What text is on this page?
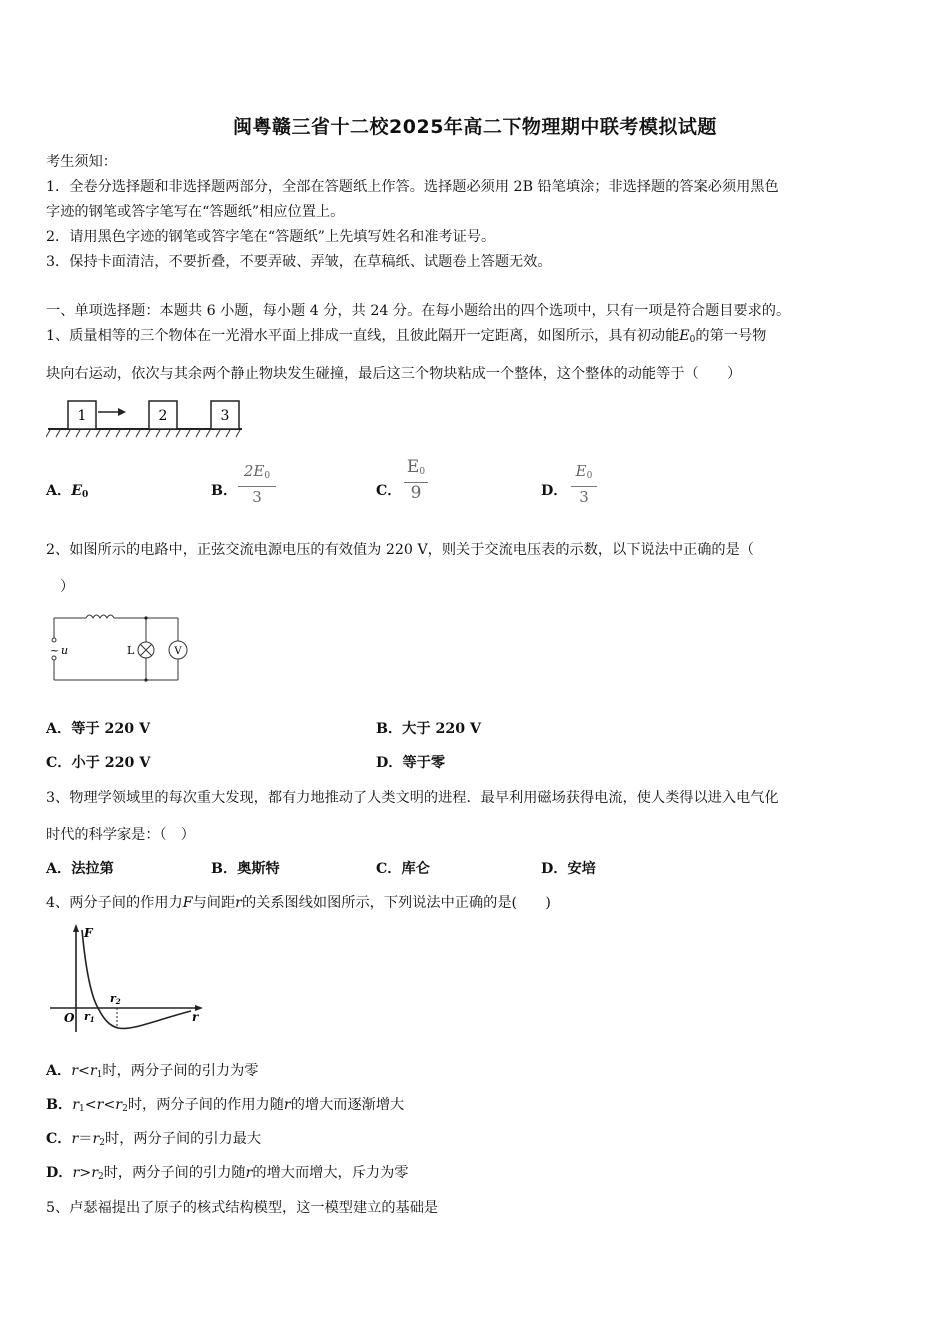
闽粤赣三省十二校2025年高二下物理期中联考模拟试题
考生须知：
1．全卷分选择题和非选择题两部分，全部在答题纸上作答。选择题必须用 2B 铅笔填涂；非选择题的答案必须用黑色
字迹的钢笔或答字笔写在“答题纸”相应位置上。
2．请用黑色字迹的钢笔或答字笔在“答题纸”上先填写姓名和准考证号。
3．保持卡面清洁，不要折叠，不要弄破、弄皱，在草稿纸、试题卷上答题无效。
一、单项选择题：本题共 6 小题，每小题 4 分，共 24 分。在每小题给出的四个选项中，只有一项是符合题目要求的。
1、质量相等的三个物体在一光滑水平面上排成一直线，且彼此隔开一定距离，如图所示，具有初动能$E_0$的第一号物
块向右运动，依次与其余两个静止物块发生碰撞，最后这三个物块粘成一个整体，这个整体的动能等于（　　）
1	2	3
A．$E_0$	B．
$2E_0$
3	C．
$E_0$
9	D．
$E_0$
3
2、如图所示的电路中，正弦交流电源电压的有效值为 220 V，则关于交流电压表的示数，以下说法中正确的是（
）
~ u	L	V
A．等于 220 V	B．大于 220 V
C．小于 220 V	D．等于零
3、物理学领域里的每次重大发现，都有力地推动了人类文明的进程．最早利用磁场获得电流，使人类得以进入电气化
时代的科学家是：（　）
A．法拉第	B．奥斯特	C．库仑	D．安培
4、两分子间的作用力F与间距r的关系图线如图所示，下列说法中正确的是(　　)
F
r
O r1
r2
A．$r<r_1$时，两分子间的引力为零
B．$r_1<r<r_2$时，两分子间的作用力随r的增大而逐渐增大
C．$r=r_2$时，两分子间的引力最大
D．$r>r_2$时，两分子间的引力随r的增大而增大，斥力为零
5、卢瑟福提出了原子的核式结构模型，这一模型建立的基础是
